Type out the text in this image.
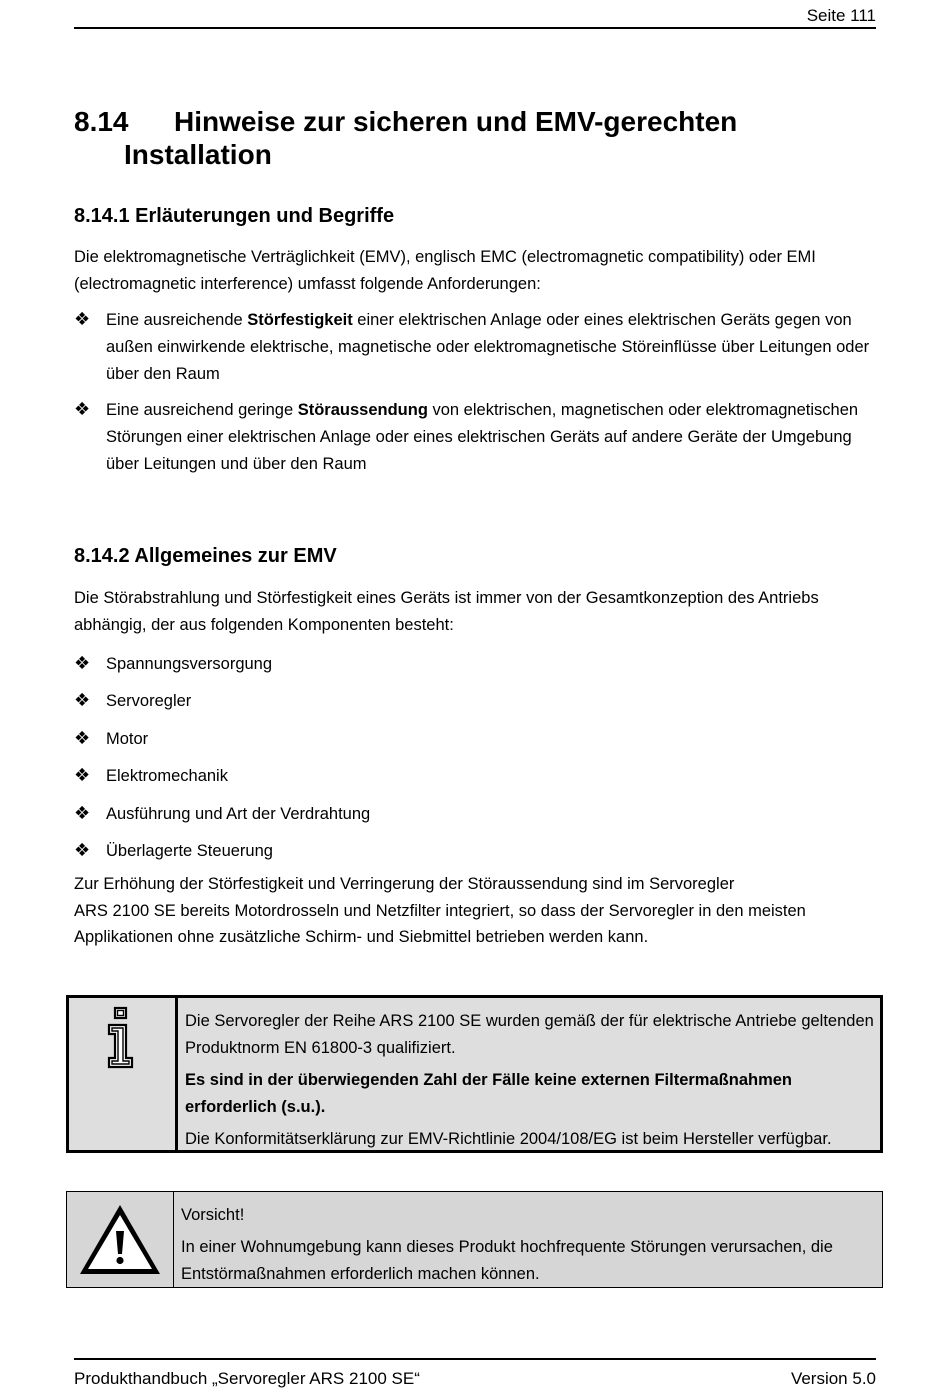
Seite 111
8.14 Hinweise zur sicheren und EMV-gerechten
Installation
8.14.1 Erläuterungen und Begriffe
Die elektromagnetische Verträglichkeit (EMV), englisch EMC (electromagnetic compatibility) oder EMI (electromagnetic interference) umfasst folgende Anforderungen:
❖ Eine ausreichende Störfestigkeit einer elektrischen Anlage oder eines elektrischen Geräts gegen von außen einwirkende elektrische, magnetische oder elektromagnetische Störeinflüsse über Leitungen oder über den Raum
❖ Eine ausreichend geringe Störaussendung von elektrischen, magnetischen oder elektromagnetischen Störungen einer elektrischen Anlage oder eines elektrischen Geräts auf andere Geräte der Umgebung über Leitungen und über den Raum
8.14.2 Allgemeines zur EMV
Die Störabstrahlung und Störfestigkeit eines Geräts ist immer von der Gesamtkonzeption des Antriebs abhängig, der aus folgenden Komponenten besteht:
❖ Spannungsversorgung
❖ Servoregler
❖ Motor
❖ Elektromechanik
❖ Ausführung und Art der Verdrahtung
❖ Überlagerte Steuerung
Zur Erhöhung der Störfestigkeit und Verringerung der Störaussendung sind im Servoregler
ARS 2100 SE bereits Motordrosseln und Netzfilter integriert, so dass der Servoregler in den meisten Applikationen ohne zusätzliche Schirm- und Siebmittel betrieben werden kann.
Die Servoregler der Reihe ARS 2100 SE wurden gemäß der für elektrische Antriebe geltenden Produktnorm EN 61800-3 qualifiziert.
Es sind in der überwiegenden Zahl der Fälle keine externen Filtermaßnahmen erforderlich (s.u.).
Die Konformitätserklärung zur EMV-Richtlinie 2004/108/EG ist beim Hersteller verfügbar.
Vorsicht!
In einer Wohnumgebung kann dieses Produkt hochfrequente Störungen verursachen, die Entstörmaßnahmen erforderlich machen können.
Produkthandbuch „Servoregler ARS 2100 SE“	Version 5.0
